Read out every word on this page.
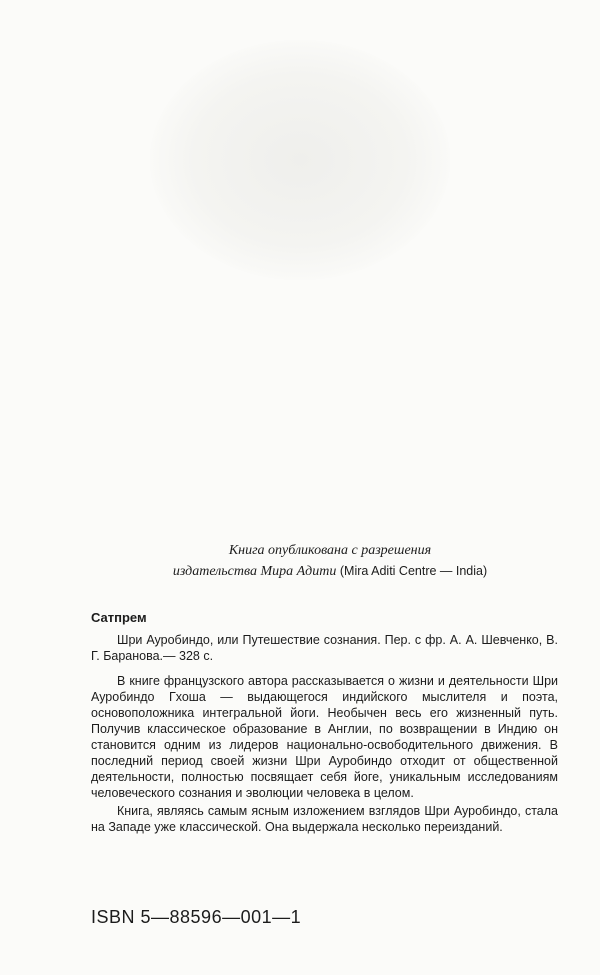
Книга опубликована с разрешения
издательства Мира Адити (Mira Aditi Centre — India)

Сатпрем

Шри Ауробиндо, или Путешествие сознания. Пер. с фр. А. А. Шевченко, В. Г. Баранова.— 328 с.

В книге французского автора рассказывается о жизни и деятельности Шри Ауробиндо Гхоша — выдающегося индийского мыслителя и поэта, основоположника интегральной йоги. Необычен весь его жизненный путь. Получив классическое образование в Англии, по возвращении в Индию он становится одним из лидеров национально-освободительного движения. В последний период своей жизни Шри Ауробиндо отходит от общественной деятельности, полностью посвящает себя йоге, уникальным исследованиям человеческого сознания и эволюции человека в целом.

Книга, являясь самым ясным изложением взглядов Шри Ауробиндо, стала на Западе уже классической. Она выдержала несколько переизданий.

ISBN 5—88596—001—1
